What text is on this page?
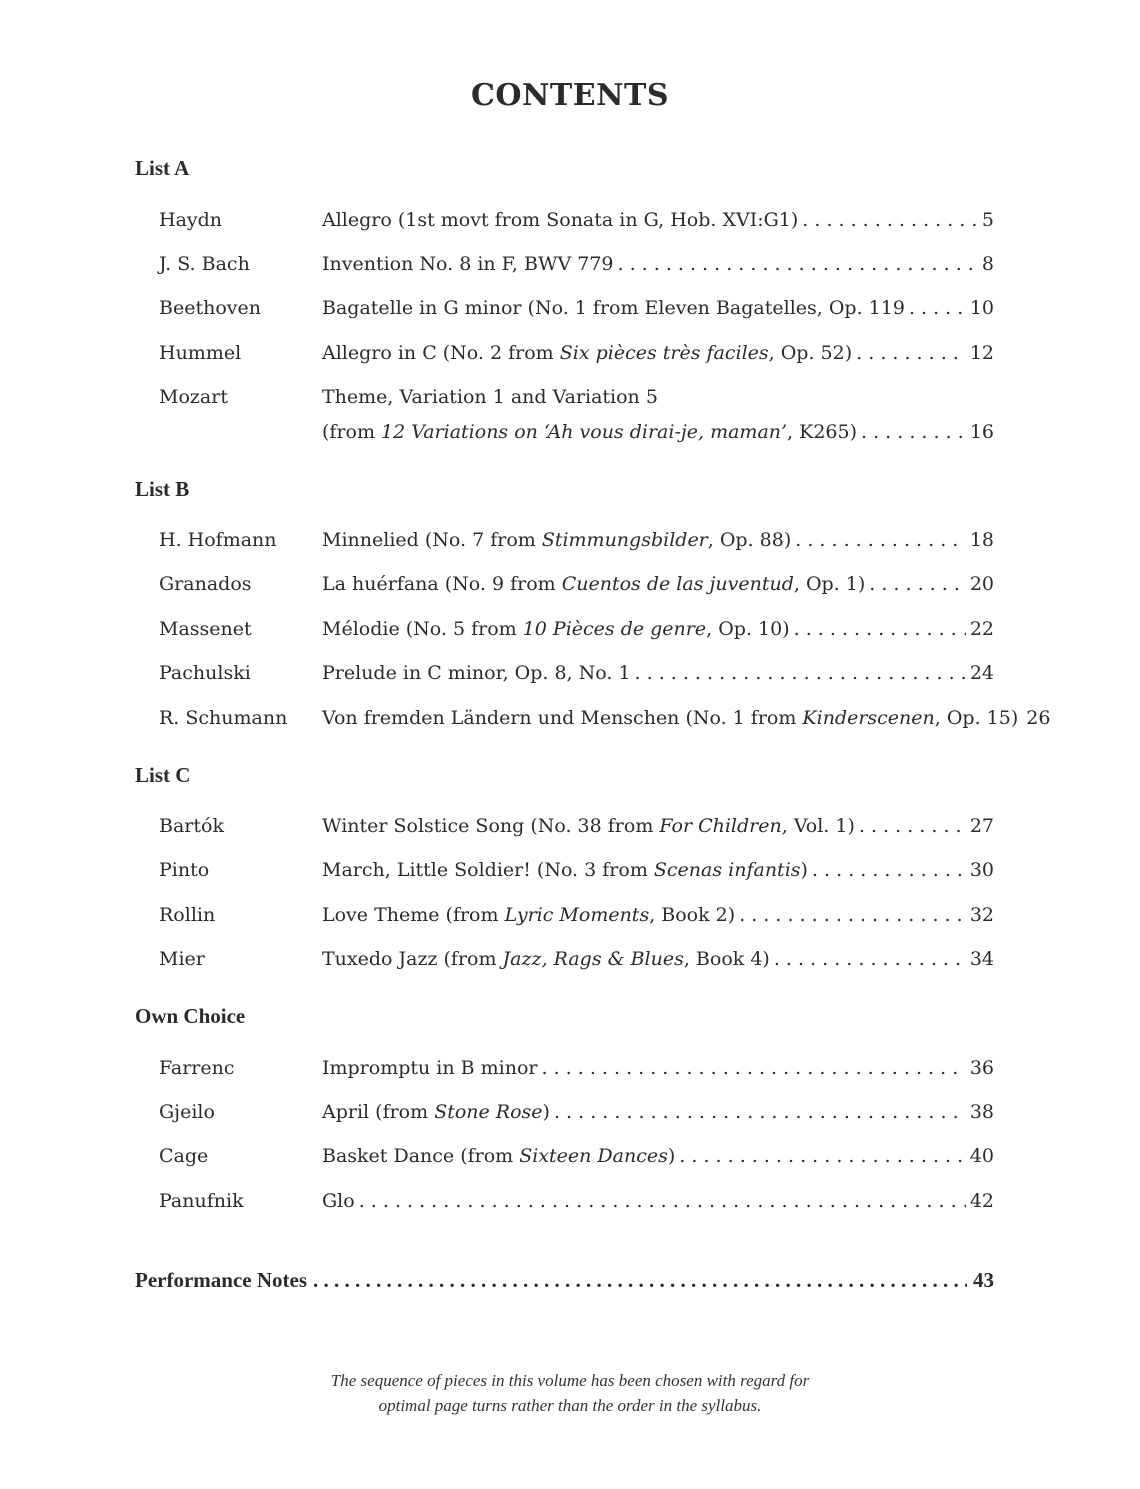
CONTENTS
List A
Haydn	Allegro (1st movt from Sonata in G, Hob. XVI:G1) . . .	5
J. S. Bach	Invention No. 8 in F, BWV 779 . . .	8
Beethoven	Bagatelle in G minor (No. 1 from Eleven Bagatelles, Op. 119 . . .	10
Hummel	Allegro in C (No. 2 from Six pièces très faciles, Op. 52) . . .	12
Mozart	Theme, Variation 1 and Variation 5
(from 12 Variations on ‘Ah vous dirai-je, maman’, K265) . . .	16
List B
H. Hofmann	Minnelied (No. 7 from Stimmungsbilder, Op. 88) . . .	18
Granados	La huérfana (No. 9 from Cuentos de las juventud, Op. 1) . . .	20
Massenet	Mélodie (No. 5 from 10 Pièces de genre, Op. 10) . . .	22
Pachulski	Prelude in C minor, Op. 8, No. 1 . . .	24
R. Schumann	Von fremden Ländern und Menschen (No. 1 from Kinderscenen, Op. 15) 26
List C
Bartók	Winter Solstice Song (No. 38 from For Children, Vol. 1) . . .	27
Pinto	March, Little Soldier! (No. 3 from Scenas infantis) . . .	30
Rollin	Love Theme (from Lyric Moments, Book 2) . . .	32
Mier	Tuxedo Jazz (from Jazz, Rags & Blues, Book 4) . . .	34
Own Choice
Farrenc	Impromptu in B minor . . .	36
Gjeilo	April (from Stone Rose) . . .	38
Cage	Basket Dance (from Sixteen Dances) . . .	40
Panufnik	Glo . . .	42
Performance Notes . . .	43
The sequence of pieces in this volume has been chosen with regard for
optimal page turns rather than the order in the syllabus.
